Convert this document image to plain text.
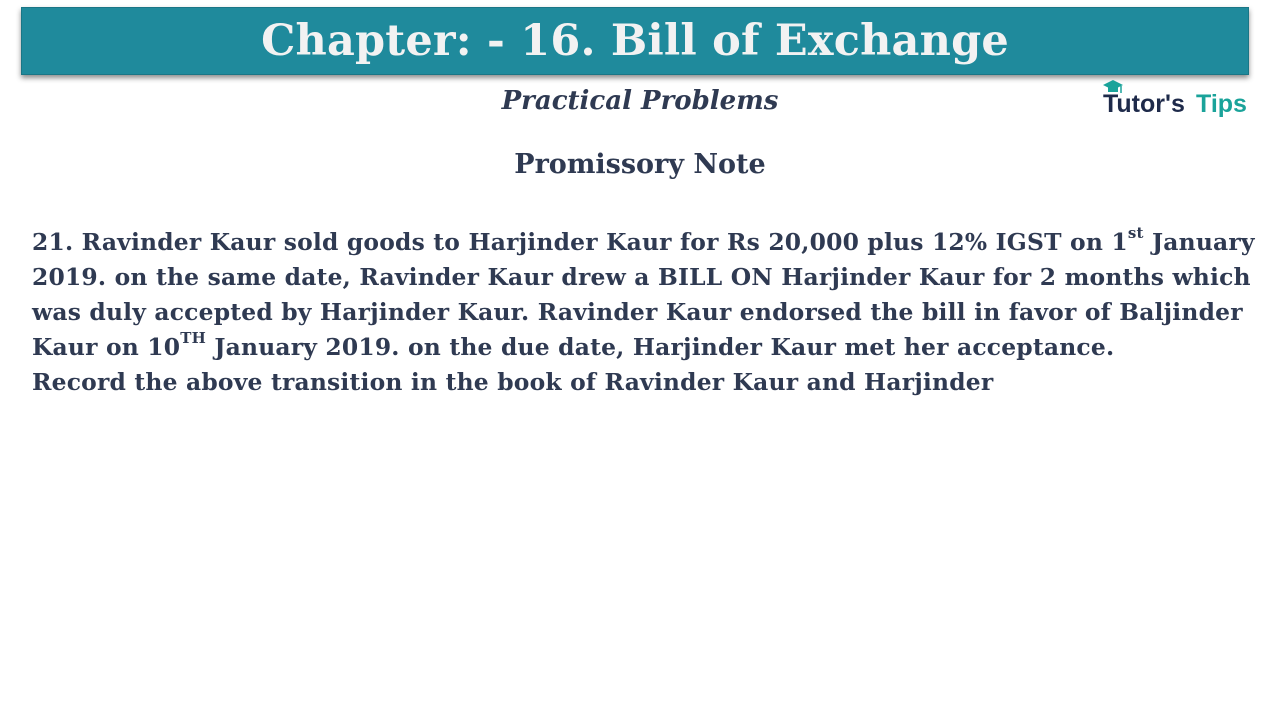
Chapter: - 16. Bill of Exchange
Practical Problems	Tutor's Tips
Promissory Note
21. Ravinder Kaur sold goods to Harjinder Kaur for Rs 20,000 plus 12% IGST on 1st January
2019. on the same date, Ravinder Kaur drew a BILL ON Harjinder Kaur for 2 months which
was duly accepted by Harjinder Kaur. Ravinder Kaur endorsed the bill in favor of Baljinder
Kaur on 10TH January 2019. on the due date, Harjinder Kaur met her acceptance.
Record the above transition in the book of Ravinder Kaur and Harjinder
